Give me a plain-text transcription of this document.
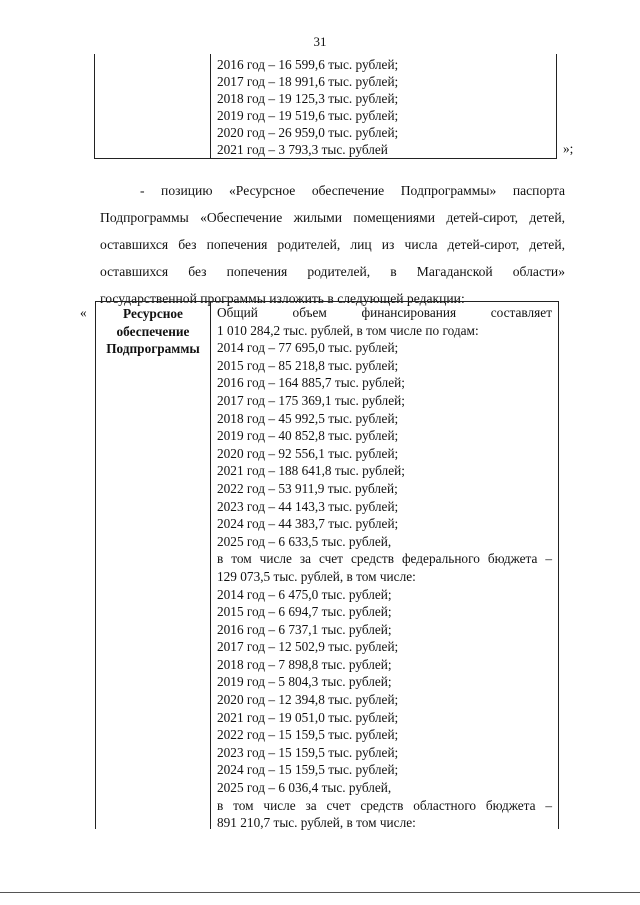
31
2016 год – 16 599,6 тыс. рублей;
2017 год – 18 991,6 тыс. рублей;
2018 год – 19 125,3 тыс. рублей;
2019 год – 19 519,6 тыс. рублей;
2020 год – 26 959,0 тыс. рублей;
2021 год – 3 793,3 тыс. рублей	»;
- позицию «Ресурсное обеспечение Подпрограммы» паспорта
Подпрограммы «Обеспечение жилыми помещениями детей-сирот, детей,
оставшихся без попечения родителей, лиц из числа детей-сирот, детей,
оставшихся без попечения родителей, в Магаданской области»
государственной программы изложить в следующей редакции:
«	Ресурсное
обеспечение
Подпрограммы
Общий объем финансирования составляет
1 010 284,2 тыс. рублей, в том числе по годам:
2014 год – 77 695,0 тыс. рублей;
2015 год – 85 218,8 тыс. рублей;
2016 год – 164 885,7 тыс. рублей;
2017 год – 175 369,1 тыс. рублей;
2018 год – 45 992,5 тыс. рублей;
2019 год – 40 852,8 тыс. рублей;
2020 год – 92 556,1 тыс. рублей;
2021 год – 188 641,8 тыс. рублей;
2022 год – 53 911,9 тыс. рублей;
2023 год – 44 143,3 тыс. рублей;
2024 год – 44 383,7 тыс. рублей;
2025 год – 6 633,5 тыс. рублей,
в том числе за счет средств федерального бюджета –
129 073,5 тыс. рублей, в том числе:
2014 год – 6 475,0 тыс. рублей;
2015 год – 6 694,7 тыс. рублей;
2016 год – 6 737,1 тыс. рублей;
2017 год – 12 502,9 тыс. рублей;
2018 год – 7 898,8 тыс. рублей;
2019 год – 5 804,3 тыс. рублей;
2020 год – 12 394,8 тыс. рублей;
2021 год – 19 051,0 тыс. рублей;
2022 год – 15 159,5 тыс. рублей;
2023 год – 15 159,5 тыс. рублей;
2024 год – 15 159,5 тыс. рублей;
2025 год – 6 036,4 тыс. рублей,
в том числе за счет средств областного бюджета –
891 210,7 тыс. рублей, в том числе:
